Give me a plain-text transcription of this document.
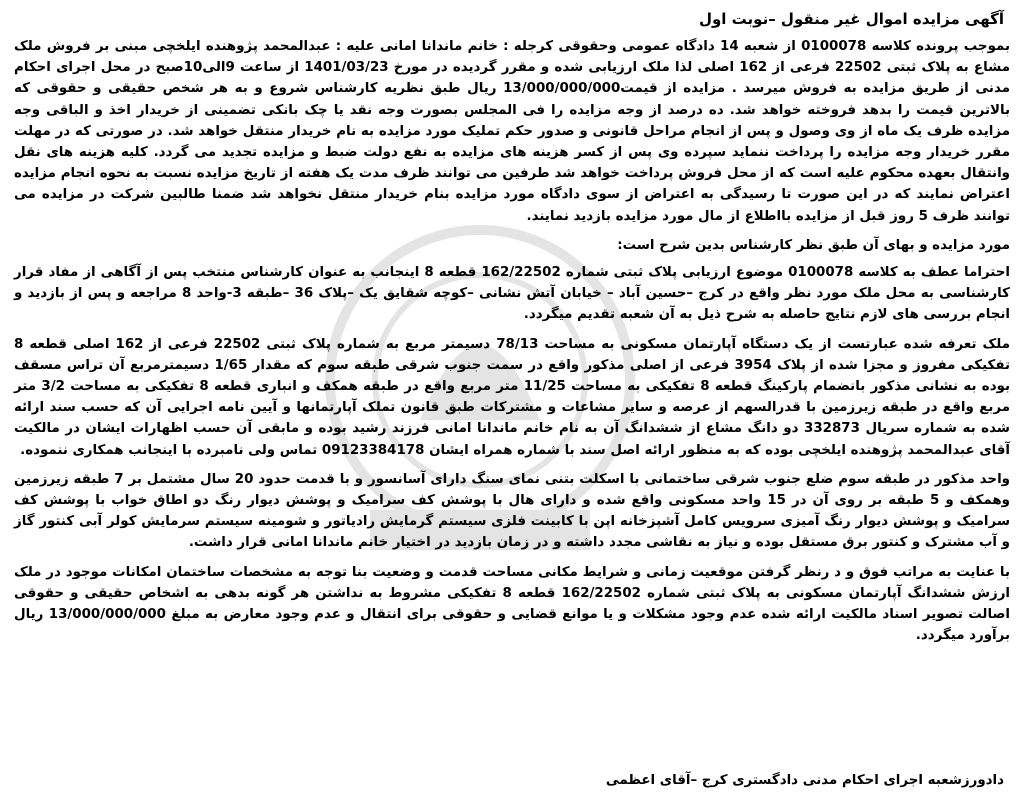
آگهی مزایده اموال غیر منقول –نوبت اول

بموجب پرونده کلاسه 0100078 از شعبه 14 دادگاه عمومی وحقوقی کرجله : خانم ماندانا امانی علیه : عبدالمحمد پژوهنده ایلخچی مبنی بر فروش ملک مشاع به پلاک ثبتی 22502 فرعی از 162 اصلی لذا ملک ارزیابی شده و مقرر گردیده در مورخ 1401/03/23 از ساعت 9الی10صبح در محل اجرای احکام مدنی از طریق مزایده به فروش میرسد . مزایده از قیمت13/000/000/000 ریال طبق نظریه کارشناس شروع و به هر شخص حقیقی و حقوقی که بالاترین قیمت را بدهد فروخته خواهد شد. ده درصد از وجه مزایده را فی المجلس بصورت وجه نقد یا چک بانکی تضمینی از خریدار اخذ و الباقی وجه مزایده ظرف یک ماه از وی وصول و پس از انجام مراحل قانونی و صدور حکم تملیک مورد مزایده به نام خریدار منتقل خواهد شد. در صورتی که در مهلت مقرر خریدار وجه مزایده را پرداخت ننماید سپرده وی پس از کسر هزینه های مزایده به نفع دولت ضبط و مزایده تجدید می گردد. کلیه هزینه های نقل وانتقال بعهده محکوم علیه است که از محل فروش پرداخت خواهد شد طرفین می توانند ظرف مدت یک هفته از تاریخ مزایده نسبت به نحوه انجام مزایده اعتراض نمایند که در این صورت تا رسیدگی به اعتراض از سوی دادگاه مورد مزایده بنام خریدار منتقل نخواهد شد ضمنا طالبین شرکت در مزایده می توانند ظرف 5 روز قبل از مزایده بااطلاع از مال مورد مزایده بازدید نمایند.

مورد مزایده و بهای آن طبق نظر کارشناس بدین شرح است:

احتراما عطف به کلاسه 0100078 موضوع ارزیابی پلاک ثبتی شماره 162/22502 قطعه 8 اینجانب به عنوان کارشناس منتخب پس از آگاهی از مفاد قرار کارشناسی به محل ملک مورد نظر واقع در کرج –حسین آباد – خیابان آتش نشانی –کوچه شقایق یک –پلاک 36 –طبقه 3-واحد 8 مراجعه و پس از بازدید و انجام بررسی های لازم نتایج حاصله به شرح ذیل به آن شعبه تقدیم میگردد.

ملک تعرفه شده عبارتست از یک دستگاه آپارتمان مسکونی به مساحت 78/13 دسیمتر مربع به شماره پلاک ثبتی 22502 فرعی از 162 اصلی قطعه 8 تفکیکی مفروز و مجزا شده از پلاک 3954 فرعی از اصلی مذکور واقع در سمت جنوب شرقی طبقه سوم که مقدار 1/65 دسیمترمربع آن تراس مسقف بوده به نشانی مذکور بانضمام پارکینگ قطعه 8 تفکیکی به مساحت 11/25 متر مربع واقع در طبقه همکف و انباری قطعه 8 تفکیکی به مساحت 3/2 متر مربع واقع در طبقه زیرزمین با قدرالسهم از عرصه و سایر مشاعات و مشترکات طبق قانون تملک آپارتمانها و آیین نامه اجرایی آن که حسب سند ارائه شده به شماره سریال 332873 دو دانگ مشاع از ششدانگ آن به نام خانم ماندانا امانی فرزند رشید بوده و مابقی آن حسب اظهارات ایشان در مالکیت آقای عبدالمحمد پژوهنده ایلخچی بوده که به منظور ارائه اصل سند با شماره همراه ایشان 09123384178 تماس ولی نامبرده با اینجانب همکاری ننموده.

واحد مذکور در طبقه سوم ضلع جنوب شرقی ساختمانی با اسکلت بتنی نمای سنگ دارای آسانسور و با قدمت حدود 20 سال مشتمل بر 7 طبقه زیرزمین وهمکف و 5 طبقه بر روی آن در 15 واحد مسکونی واقع شده و دارای هال با پوشش کف سرامیک و پوشش دیوار رنگ دو اطاق خواب با پوشش کف سرامیک و پوشش دیوار رنگ آمیزی سرویس کامل آشپزخانه اپن با کابینت فلزی سیستم گرمایش رادیاتور و شومینه سیستم سرمایش کولر آبی کنتور گاز و آب مشترک و کنتور برق مستقل بوده و نیاز به نقاشی مجدد داشته و در زمان بازدید در اختیار خانم ماندانا امانی قرار داشت.

با عنایت به مراتب فوق و د رنظر گرفتن موقعیت زمانی و شرایط مکانی مساحت قدمت و وضعیت بنا توجه به مشخصات ساختمان امکانات موجود در ملک ارزش ششدانگ آپارتمان مسکونی به پلاک ثبتی شماره 162/22502 قطعه 8 تفکیکی مشروط به نداشتن هر گونه بدهی به اشخاص حقیقی و حقوقی اصالت تصویر اسناد مالکیت ارائه شده عدم وجود مشکلات و یا موانع قضایی و حقوقی برای انتقال و عدم وجود معارض به مبلغ 13/000/000/000 ریال برآورد میگردد.

دادورزشعبه اجرای احکام مدنی دادگستری کرج –آقای اعظمی
